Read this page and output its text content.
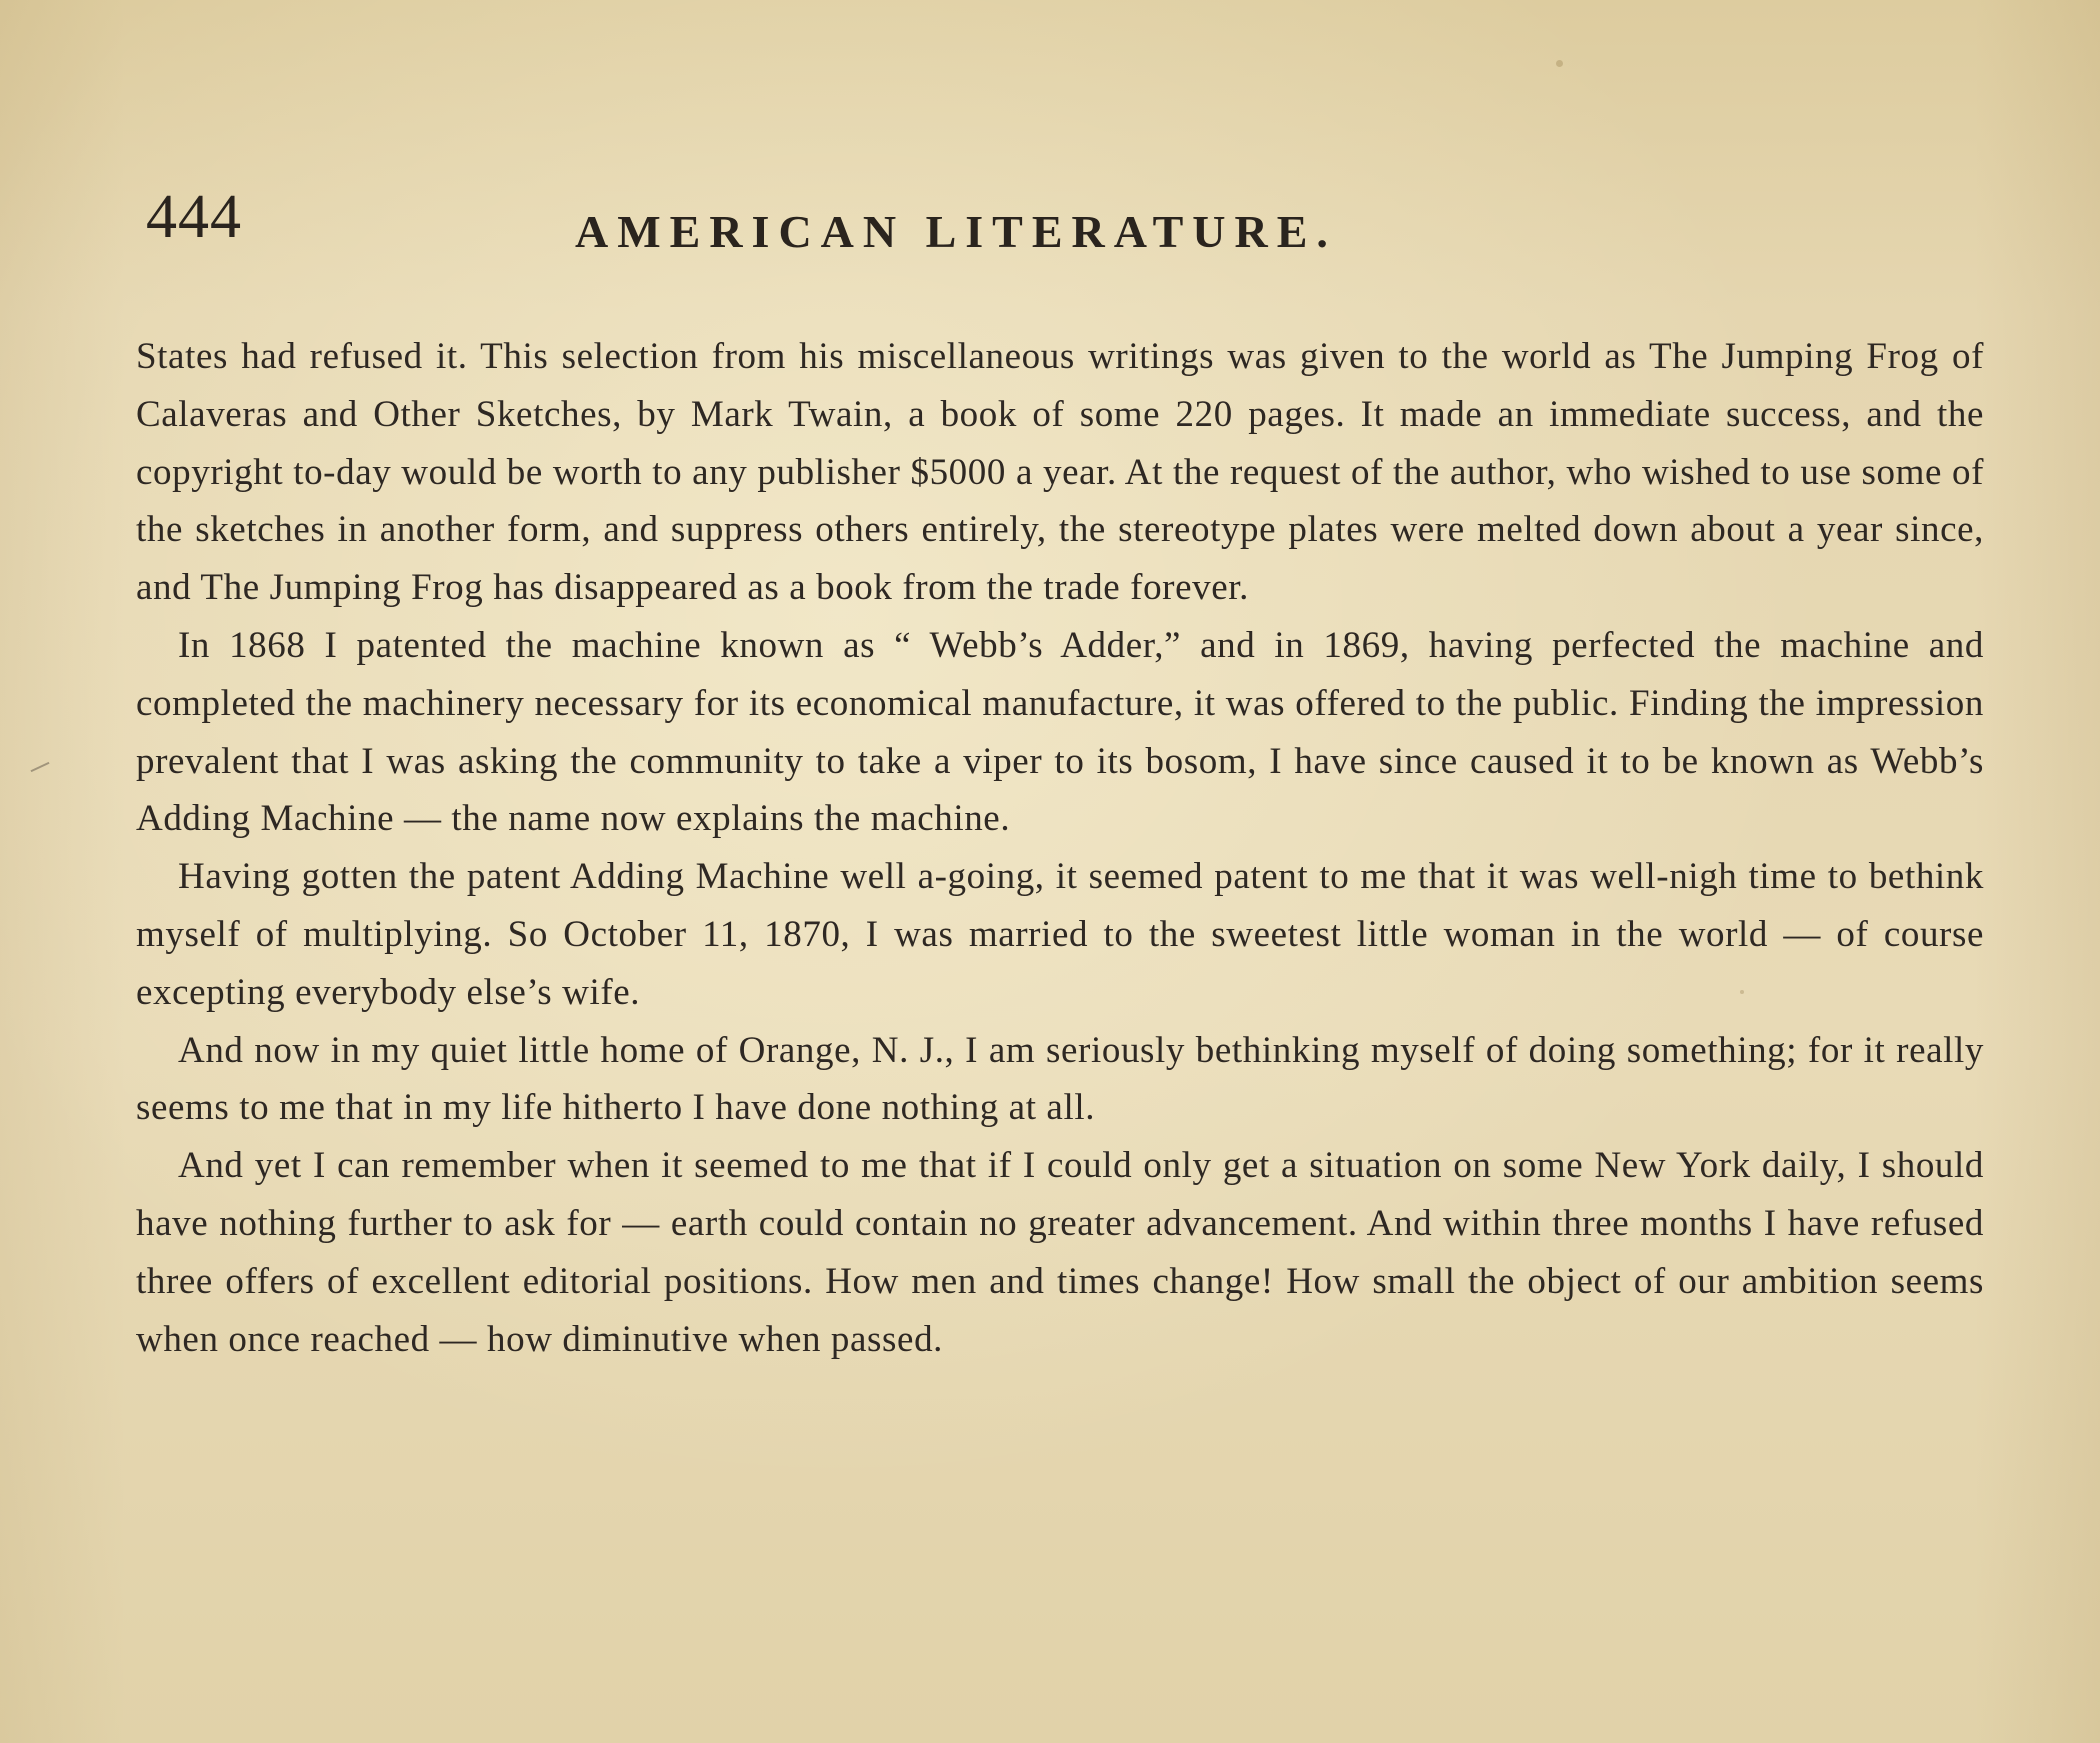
444	AMERICAN LITERATURE.

States had refused it. This selection from his miscellaneous writings was given to the world as The Jumping Frog of Calaveras and Other Sketches, by Mark Twain, a book of some 220 pages. It made an immediate success, and the copyright to-day would be worth to any publisher $5000 a year. At the request of the author, who wished to use some of the sketches in another form, and suppress others entirely, the stereotype plates were melted down about a year since, and The Jumping Frog has disappeared as a book from the trade forever.

In 1868 I patented the machine known as “ Webb’s Adder,” and in 1869, having perfected the machine and completed the machinery necessary for its economical manufacture, it was offered to the public. Finding the impression prevalent that I was asking the community to take a viper to its bosom, I have since caused it to be known as Webb’s Adding Machine — the name now explains the machine.

Having gotten the patent Adding Machine well a-going, it seemed patent to me that it was well-nigh time to bethink myself of multiplying. So October 11, 1870, I was married to the sweetest little woman in the world — of course excepting everybody else’s wife.

And now in my quiet little home of Orange, N. J., I am seriously bethinking myself of doing something; for it really seems to me that in my life hitherto I have done nothing at all.

And yet I can remember when it seemed to me that if I could only get a situation on some New York daily, I should have nothing further to ask for — earth could contain no greater advancement. And within three months I have refused three offers of excellent editorial positions. How men and times change! How small the object of our ambition seems when once reached — how diminutive when passed.
